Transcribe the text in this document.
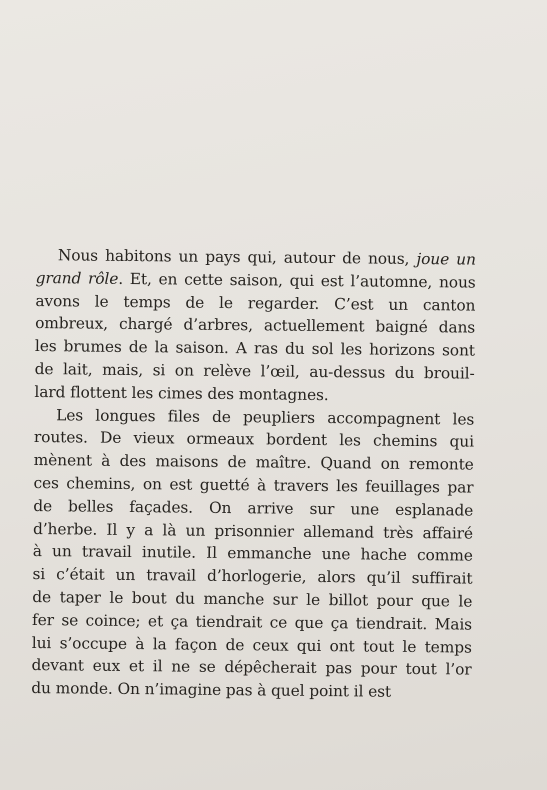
Nous habitons un pays qui, autour de nous, joue un
grand rôle. Et, en cette saison, qui est l’automne, nous
avons le temps de le regarder. C’est un canton
ombreux, chargé d’arbres, actuellement baigné dans
les brumes de la saison. A ras du sol les horizons sont
de lait, mais, si on relève l’œil, au-dessus du brouil-
lard flottent les cimes des montagnes.
Les longues files de peupliers accompagnent les
routes. De vieux ormeaux bordent les chemins qui
mènent à des maisons de maître. Quand on remonte
ces chemins, on est guetté à travers les feuillages par
de belles façades. On arrive sur une esplanade
d’herbe. Il y a là un prisonnier allemand très affairé
à un travail inutile. Il emmanche une hache comme
si c’était un travail d’horlogerie, alors qu’il suffirait
de taper le bout du manche sur le billot pour que le
fer se coince; et ça tiendrait ce que ça tiendrait. Mais
lui s’occupe à la façon de ceux qui ont tout le temps
devant eux et il ne se dépêcherait pas pour tout l’or
du monde. On n’imagine pas à quel point il est
